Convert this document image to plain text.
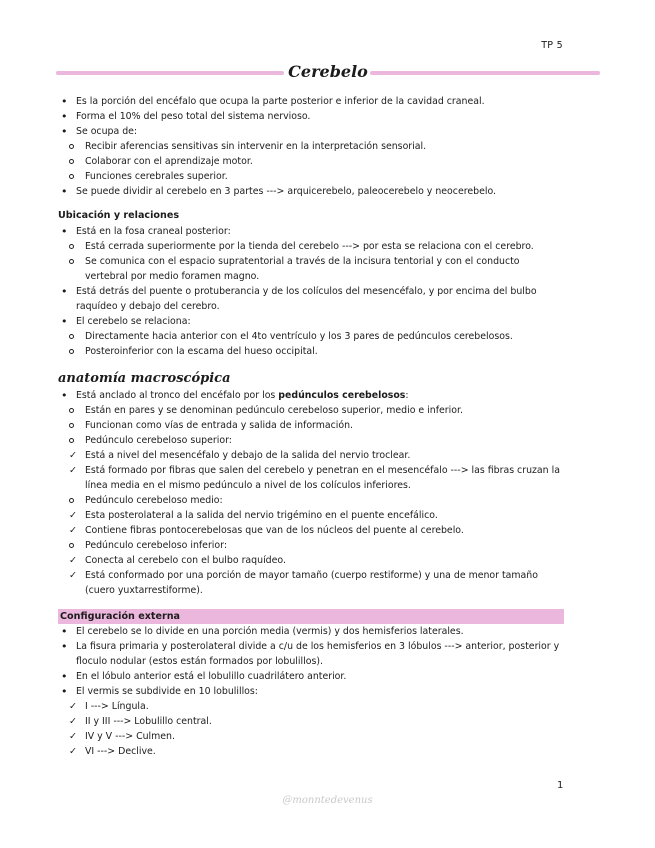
TP 5
Cerebelo
• Es la porción del encéfalo que ocupa la parte posterior e inferior de la cavidad craneal.
• Forma el 10% del peso total del sistema nervioso.
• Se ocupa de:
Recibir aferencias sensitivas sin intervenir en la interpretación sensorial.
Colaborar con el aprendizaje motor.
Funciones cerebrales superior.
• Se puede dividir al cerebelo en 3 partes ---> arquicerebelo, paleocerebelo y neocerebelo.
Ubicación y relaciones
• Está en la fosa craneal posterior:
Está cerrada superiormente por la tienda del cerebelo ---> por esta se relaciona con el cerebro.
Se comunica con el espacio supratentorial a través de la incisura tentorial y con el conducto vertebral por medio foramen magno.
• Está detrás del puente o protuberancia y de los colículos del mesencéfalo, y por encima del bulbo raquídeo y debajo del cerebro.
• El cerebelo se relaciona:
Directamente hacia anterior con el 4to ventrículo y los 3 pares de pedúnculos cerebelosos.
Posteroinferior con la escama del hueso occipital.
anatomía macroscópica
• Está anclado al tronco del encéfalo por los pedúnculos cerebelosos:
Están en pares y se denominan pedúnculo cerebeloso superior, medio e inferior.
Funcionan como vías de entrada y salida de información.
Pedúnculo cerebeloso superior:
✓ Está a nivel del mesencéfalo y debajo de la salida del nervio troclear.
✓ Está formado por fibras que salen del cerebelo y penetran en el mesencéfalo ---> las fibras cruzan la línea media en el mismo pedúnculo a nivel de los colículos inferiores.
Pedúnculo cerebeloso medio:
✓ Esta posterolateral a la salida del nervio trigémino en el puente encefálico.
✓ Contiene fibras pontocerebelosas que van de los núcleos del puente al cerebelo.
Pedúnculo cerebeloso inferior:
✓ Conecta al cerebelo con el bulbo raquídeo.
✓ Está conformado por una porción de mayor tamaño (cuerpo restiforme) y una de menor tamaño (cuero yuxtarrestiforme).
Configuración externa
• El cerebelo se lo divide en una porción media (vermis) y dos hemisferios laterales.
• La fisura primaria y posterolateral divide a c/u de los hemisferios en 3 lóbulos ---> anterior, posterior y floculo nodular (estos están formados por lobulillos).
• En el lóbulo anterior está el lobulillo cuadrilátero anterior.
• El vermis se subdivide en 10 lobulillos:
✓ I ---> Língula.
✓ II y III ---> Lobulillo central.
✓ IV y V ---> Culmen.
✓ VI ---> Declive.
1
@monntedevenus
